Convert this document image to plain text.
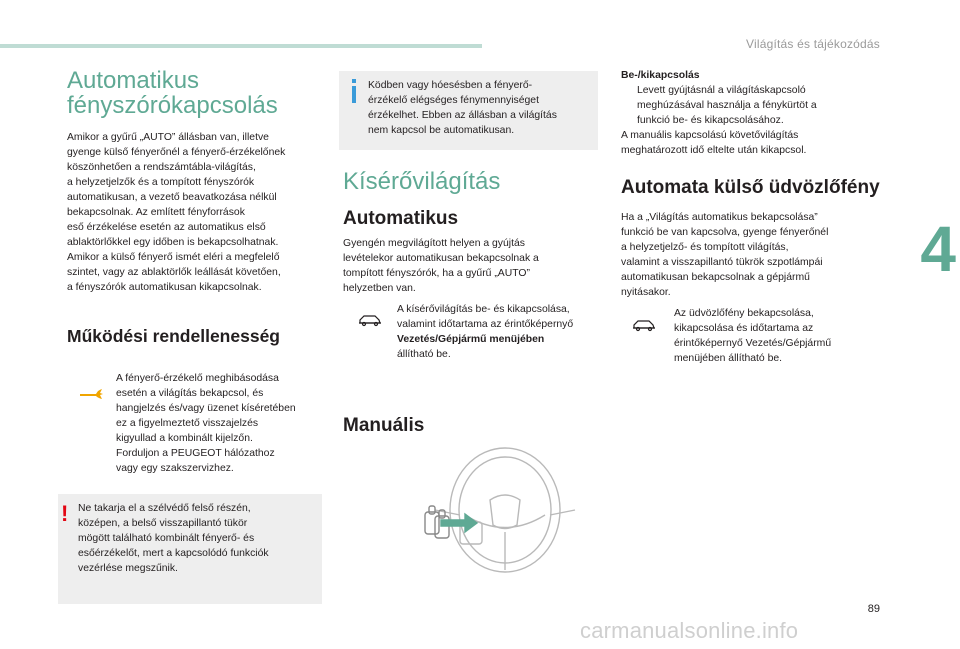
Világítás és tájékozódás
4
89
carmanualsonline.info
Automatikus
fényszórókapcsolás
Amikor a gyűrű „AUTO” állásban van, illetve
gyenge külső fényerőnél a fényerő-érzékelőnek
köszönhetően a rendszámtábla-világítás,
a helyzetjelzők és a tompított fényszórók
automatikusan, a vezető beavatkozása nélkül
bekapcsolnak. Az említett fényforrások
eső érzékelése esetén az automatikus első
ablaktörlőkkel egy időben is bekapcsolhatnak.
Amikor a külső fényerő ismét eléri a megfelelő
szintet, vagy az ablaktörlők leállását követően,
a fényszórók automatikusan kikapcsolnak.
Működési rendellenesség
A fényerő-érzékelő meghibásodása
esetén a világítás bekapcsol, és
hangjelzés és/vagy üzenet kíséretében
ez a figyelmeztető visszajelzés
kigyullad a kombinált kijelzőn.
Forduljon a PEUGEOT hálózathoz
vagy egy szakszervizhez.
! Ne takarja el a szélvédő felső részén,
középen, a belső visszapillantó tükör
mögött található kombinált fényerő- és
esőérzékelőt, mert a kapcsolódó funkciók
vezérlése megszűnik.
Ködben vagy hóesésben a fényerő-
érzékelő elégséges fénymennyiséget
érzékelhet. Ebben az állásban a világítás
nem kapcsol be automatikusan.
Kísérővilágítás
Automatikus
Gyengén megvilágított helyen a gyújtás
levételekor automatikusan bekapcsolnak a
tompított fényszórók, ha a gyűrű „AUTO”
helyzetben van.
A kísérővilágítás be- és kikapcsolása,
valamint időtartama az érintőképernyő
Vezetés/Gépjármű menüjében
állítható be.
Manuális
Be-/kikapcsolás
Levett gyújtásnál a világításkapcsoló
meghúzásával használja a fénykürtöt a
funkció be- és kikapcsolásához.
A manuális kapcsolású követővilágítás
meghatározott idő eltelte után kikapcsol.
Automata külső üdvözlőfény
Ha a „Világítás automatikus bekapcsolása”
funkció be van kapcsolva, gyenge fényerőnél
a helyzetjelző- és tompított világítás,
valamint a visszapillantó tükrök szpotlámpái
automatikusan bekapcsolnak a gépjármű
nyitásakor.
Az üdvözlőfény bekapcsolása,
kikapcsolása és időtartama az
érintőképernyő Vezetés/Gépjármű
menüjében állítható be.
